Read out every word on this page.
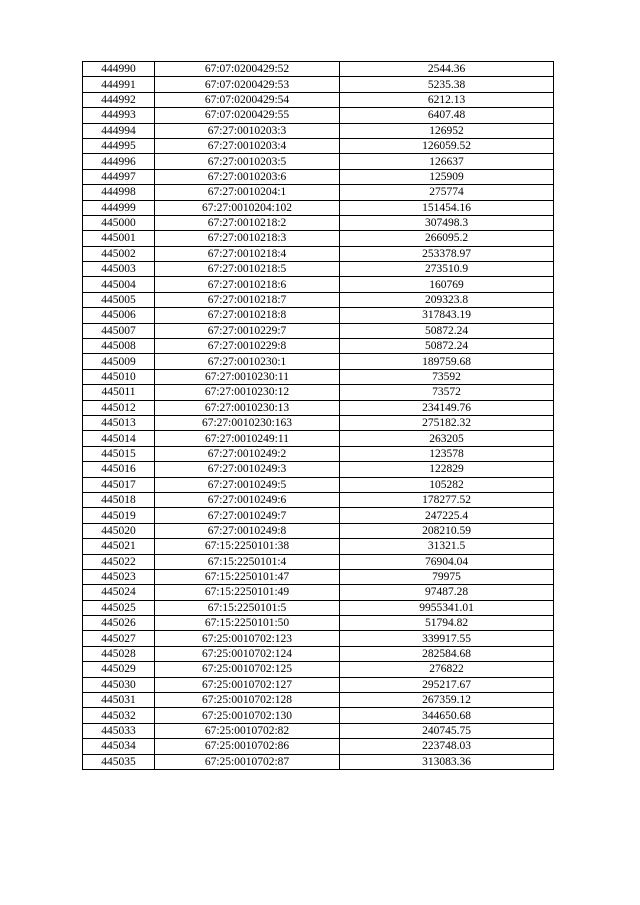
444990	67:07:0200429:52	2544.36
444991	67:07:0200429:53	5235.38
444992	67:07:0200429:54	6212.13
444993	67:07:0200429:55	6407.48
444994	67:27:0010203:3	126952
444995	67:27:0010203:4	126059.52
444996	67:27:0010203:5	126637
444997	67:27:0010203:6	125909
444998	67:27:0010204:1	275774
444999	67:27:0010204:102	151454.16
445000	67:27:0010218:2	307498.3
445001	67:27:0010218:3	266095.2
445002	67:27:0010218:4	253378.97
445003	67:27:0010218:5	273510.9
445004	67:27:0010218:6	160769
445005	67:27:0010218:7	209323.8
445006	67:27:0010218:8	317843.19
445007	67:27:0010229:7	50872.24
445008	67:27:0010229:8	50872.24
445009	67:27:0010230:1	189759.68
445010	67:27:0010230:11	73592
445011	67:27:0010230:12	73572
445012	67:27:0010230:13	234149.76
445013	67:27:0010230:163	275182.32
445014	67:27:0010249:11	263205
445015	67:27:0010249:2	123578
445016	67:27:0010249:3	122829
445017	67:27:0010249:5	105282
445018	67:27:0010249:6	178277.52
445019	67:27:0010249:7	247225.4
445020	67:27:0010249:8	208210.59
445021	67:15:2250101:38	31321.5
445022	67:15:2250101:4	76904.04
445023	67:15:2250101:47	79975
445024	67:15:2250101:49	97487.28
445025	67:15:2250101:5	9955341.01
445026	67:15:2250101:50	51794.82
445027	67:25:0010702:123	339917.55
445028	67:25:0010702:124	282584.68
445029	67:25:0010702:125	276822
445030	67:25:0010702:127	295217.67
445031	67:25:0010702:128	267359.12
445032	67:25:0010702:130	344650.68
445033	67:25:0010702:82	240745.75
445034	67:25:0010702:86	223748.03
445035	67:25:0010702:87	313083.36
